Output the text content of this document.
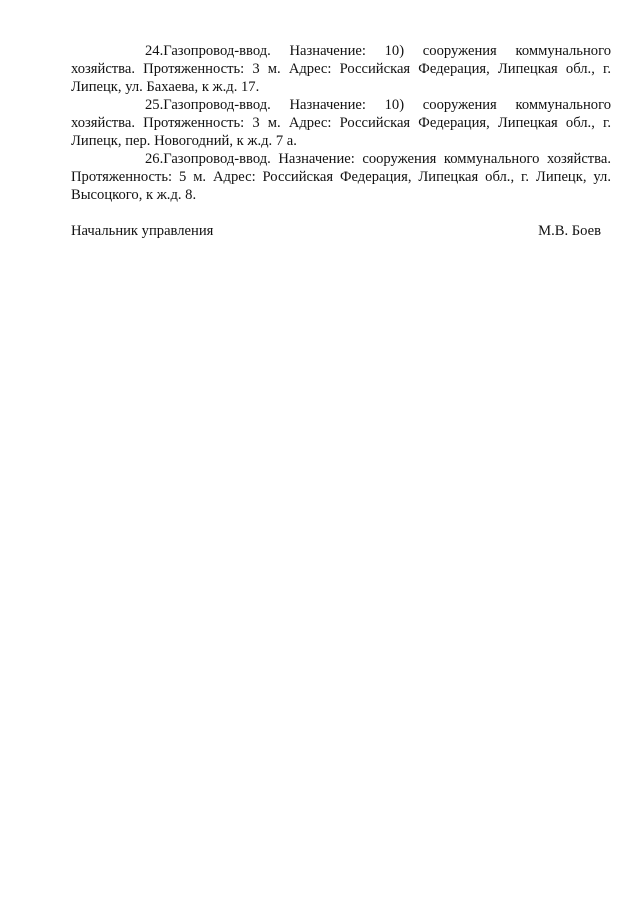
24.Газопровод-ввод. Назначение: 10) сооружения коммунального хозяйства. Протяженность: 3 м. Адрес: Российская Федерация, Липецкая обл., г. Липецк, ул. Бахаева, к ж.д. 17.

25.Газопровод-ввод. Назначение: 10) сооружения коммунального хозяйства. Протяженность: 3 м. Адрес: Российская Федерация, Липецкая обл., г. Липецк, пер. Новогодний, к ж.д. 7 а.

26.Газопровод-ввод. Назначение: сооружения коммунального хозяйства. Протяженность: 5 м. Адрес: Российская Федерация, Липецкая обл., г. Липецк, ул. Высоцкого, к ж.д. 8.

Начальник управления	М.В. Боев
